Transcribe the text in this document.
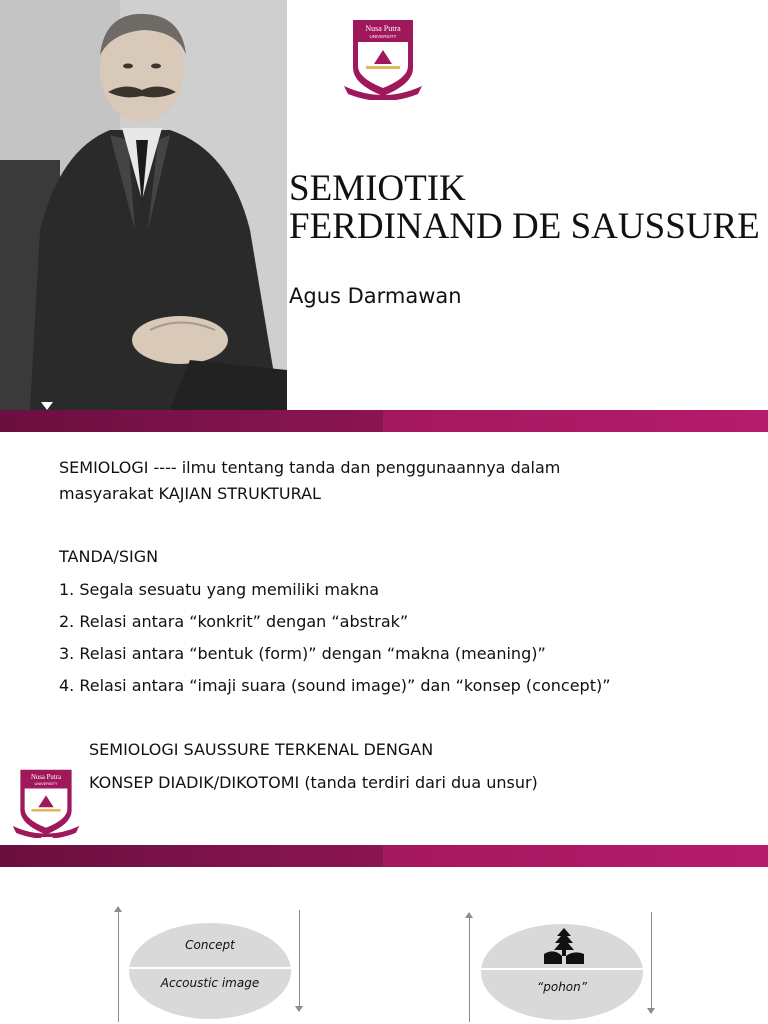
Nusa Putra
UNIVERSITY
SEMIOTIK
FERDINAND DE SAUSSURE
Agus Darmawan
SEMIOLOGI ---- ilmu tentang tanda dan penggunaannya dalam
masyarakat KAJIAN STRUKTURAL
TANDA/SIGN
1. Segala sesuatu yang memiliki makna
2. Relasi antara “konkrit” dengan “abstrak”
3. Relasi antara “bentuk (form)” dengan “makna (meaning)”
4. Relasi antara “imaji suara (sound image)” dan “konsep (concept)”
SEMIOLOGI SAUSSURE TERKENAL DENGAN
KONSEP DIADIK/DIKOTOMI (tanda terdiri dari dua unsur)
Nusa Putra
UNIVERSITY
Concept
Accoustic image	“pohon”
